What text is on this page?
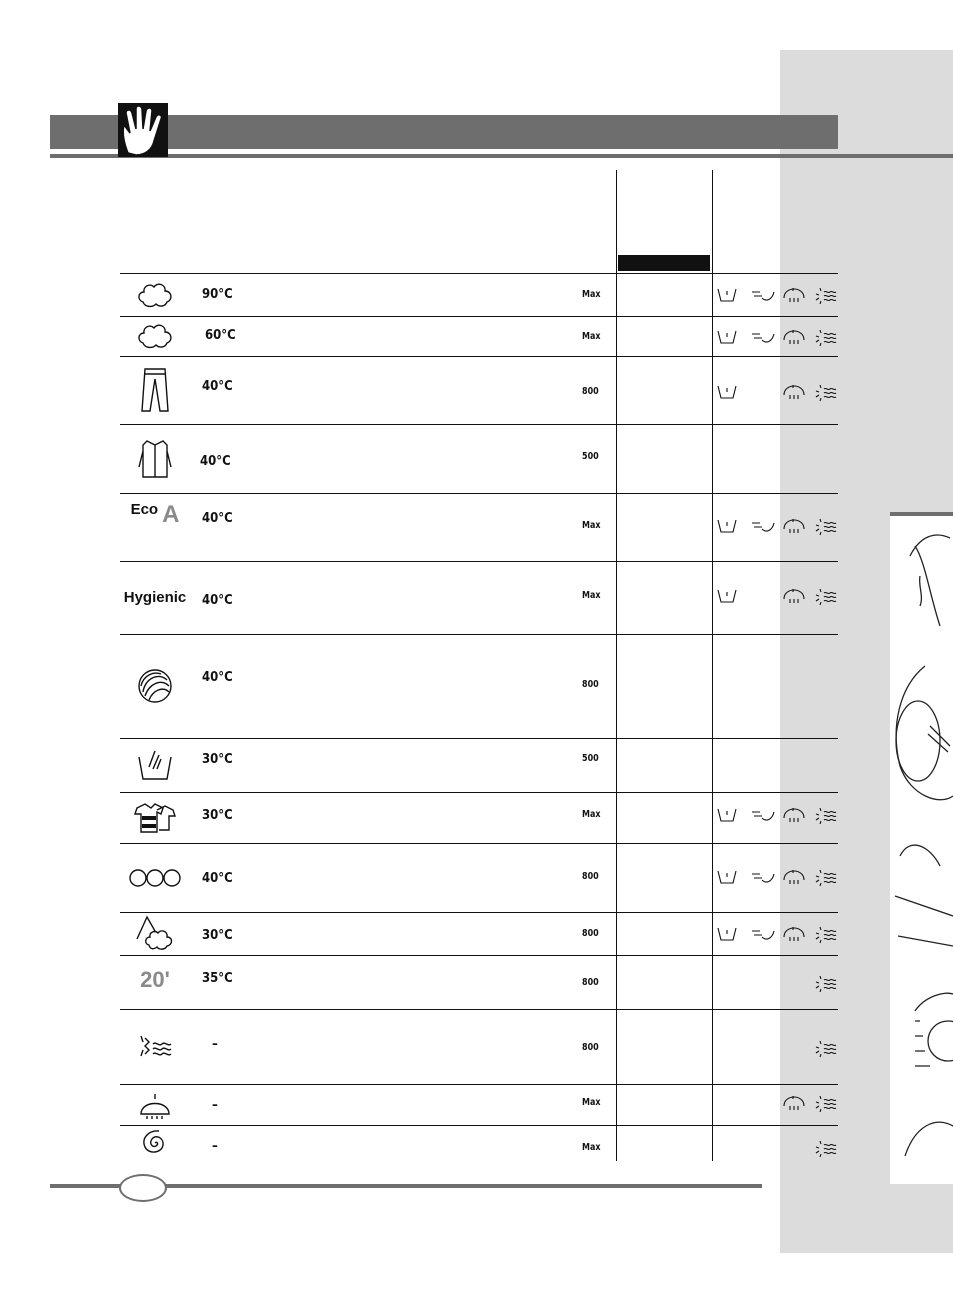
90°C	Max
60°C	Max
40°C	800
40°C	500
Eco A 40°C	Max
Hygienic 40°C	Max
40°C	800
30°C	500
30°C	Max
40°C	800
30°C	800
20' 35°C	800
–	800
–	Max
–	Max
